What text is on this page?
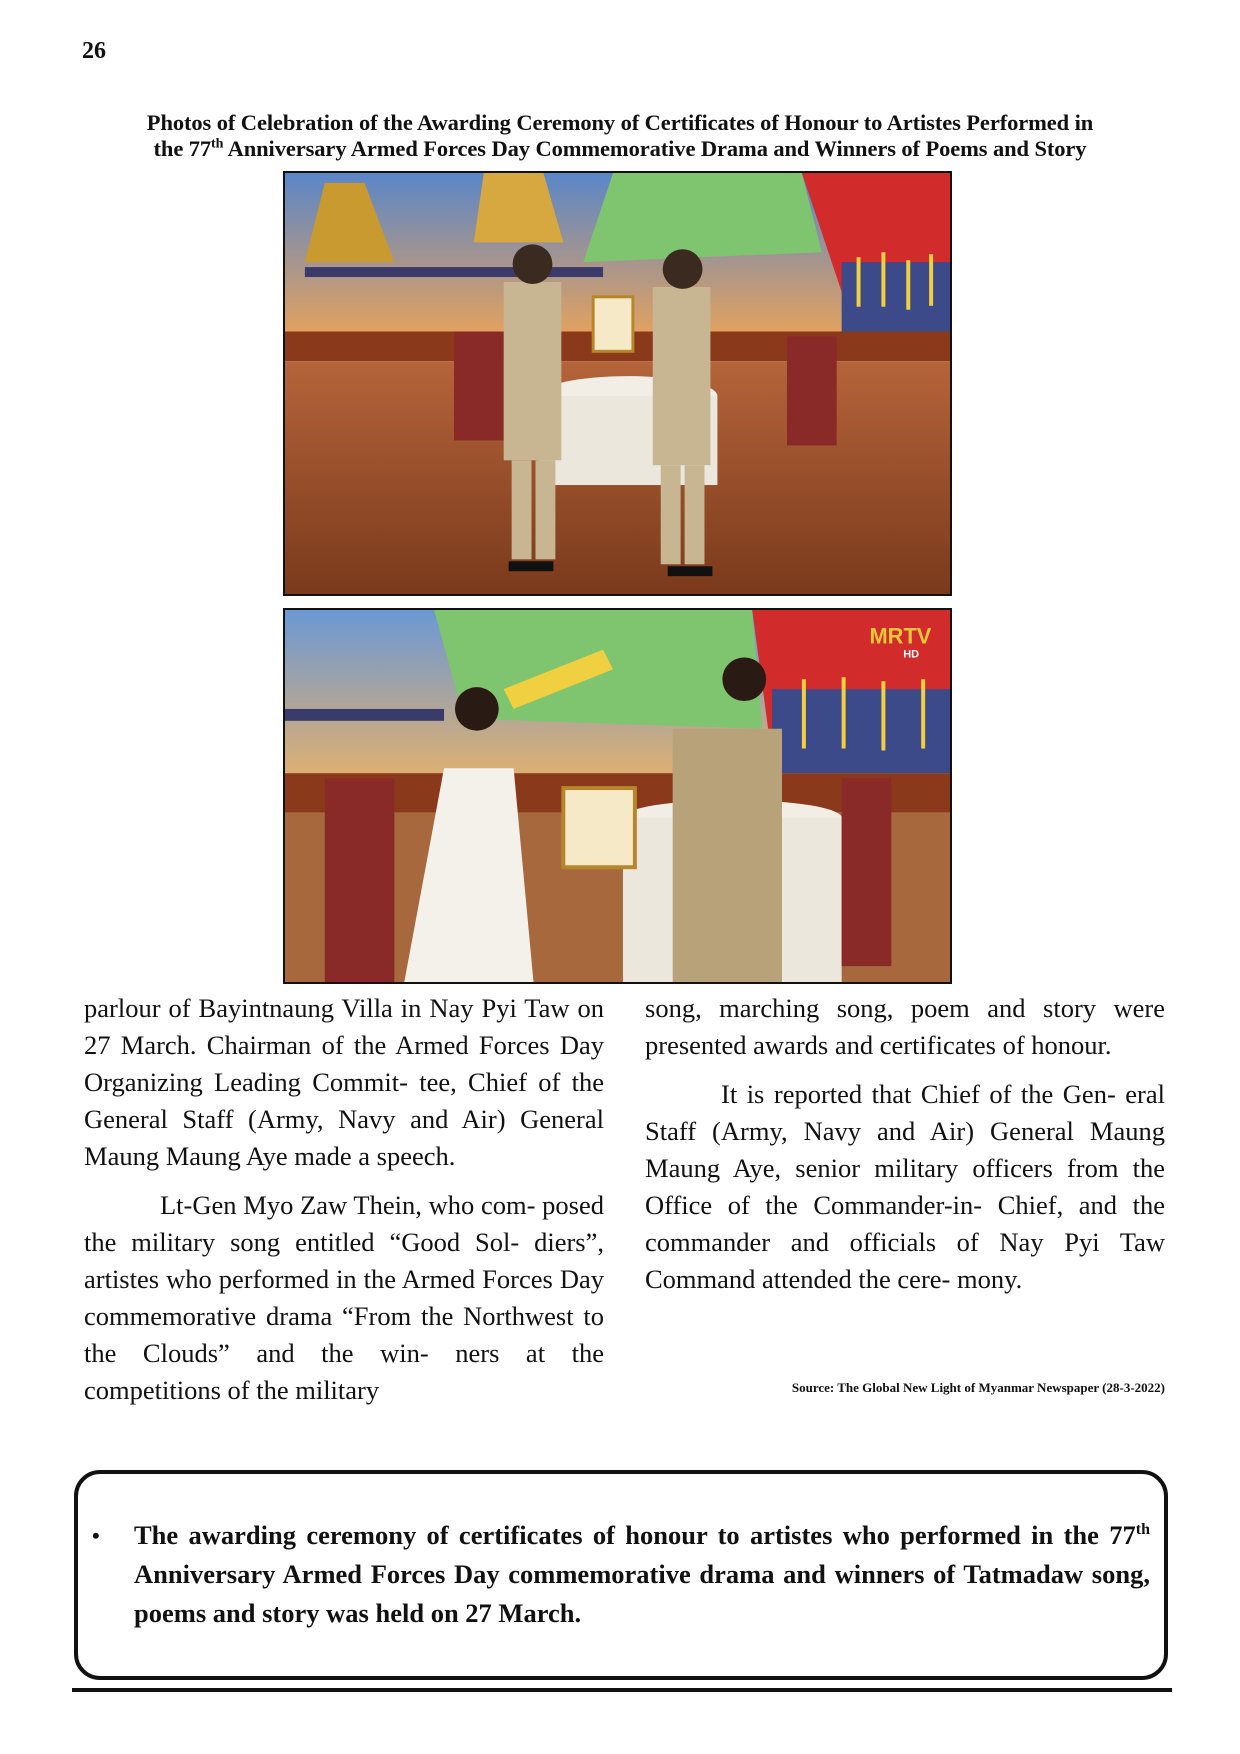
26
Photos of Celebration of the Awarding Ceremony of Certificates of Honour to Artistes Performed in
the 77th Anniversary Armed Forces Day Commemorative Drama and Winners of Poems and Story
MRTV
HD

parlour of Bayintnaung Villa in Nay Pyi Taw on 27 March. Chairman of the Armed Forces Day Organizing Leading Commit- tee, Chief of the General Staff (Army, Navy and Air) General Maung Maung Aye made a speech.

Lt-Gen Myo Zaw Thein, who com- posed the military song entitled “Good Sol- diers”, artistes who performed in the Armed Forces Day commemorative drama “From the Northwest to the Clouds” and the win- ners at the competitions of the military

song, marching song, poem and story were presented awards and certificates of honour.

It is reported that Chief of the Gen- eral Staff (Army, Navy and Air) General Maung Maung Aye, senior military officers from the Office of the Commander-in- Chief, and the commander and officials of Nay Pyi Taw Command attended the cere- mony.

Source: The Global New Light of Myanmar Newspaper (28-3-2022)
• The awarding ceremony of certificates of honour to artistes who performed in the 77th Anniversary Armed Forces Day commemorative drama and winners of Tatmadaw song, poems and story was held on 27 March.
